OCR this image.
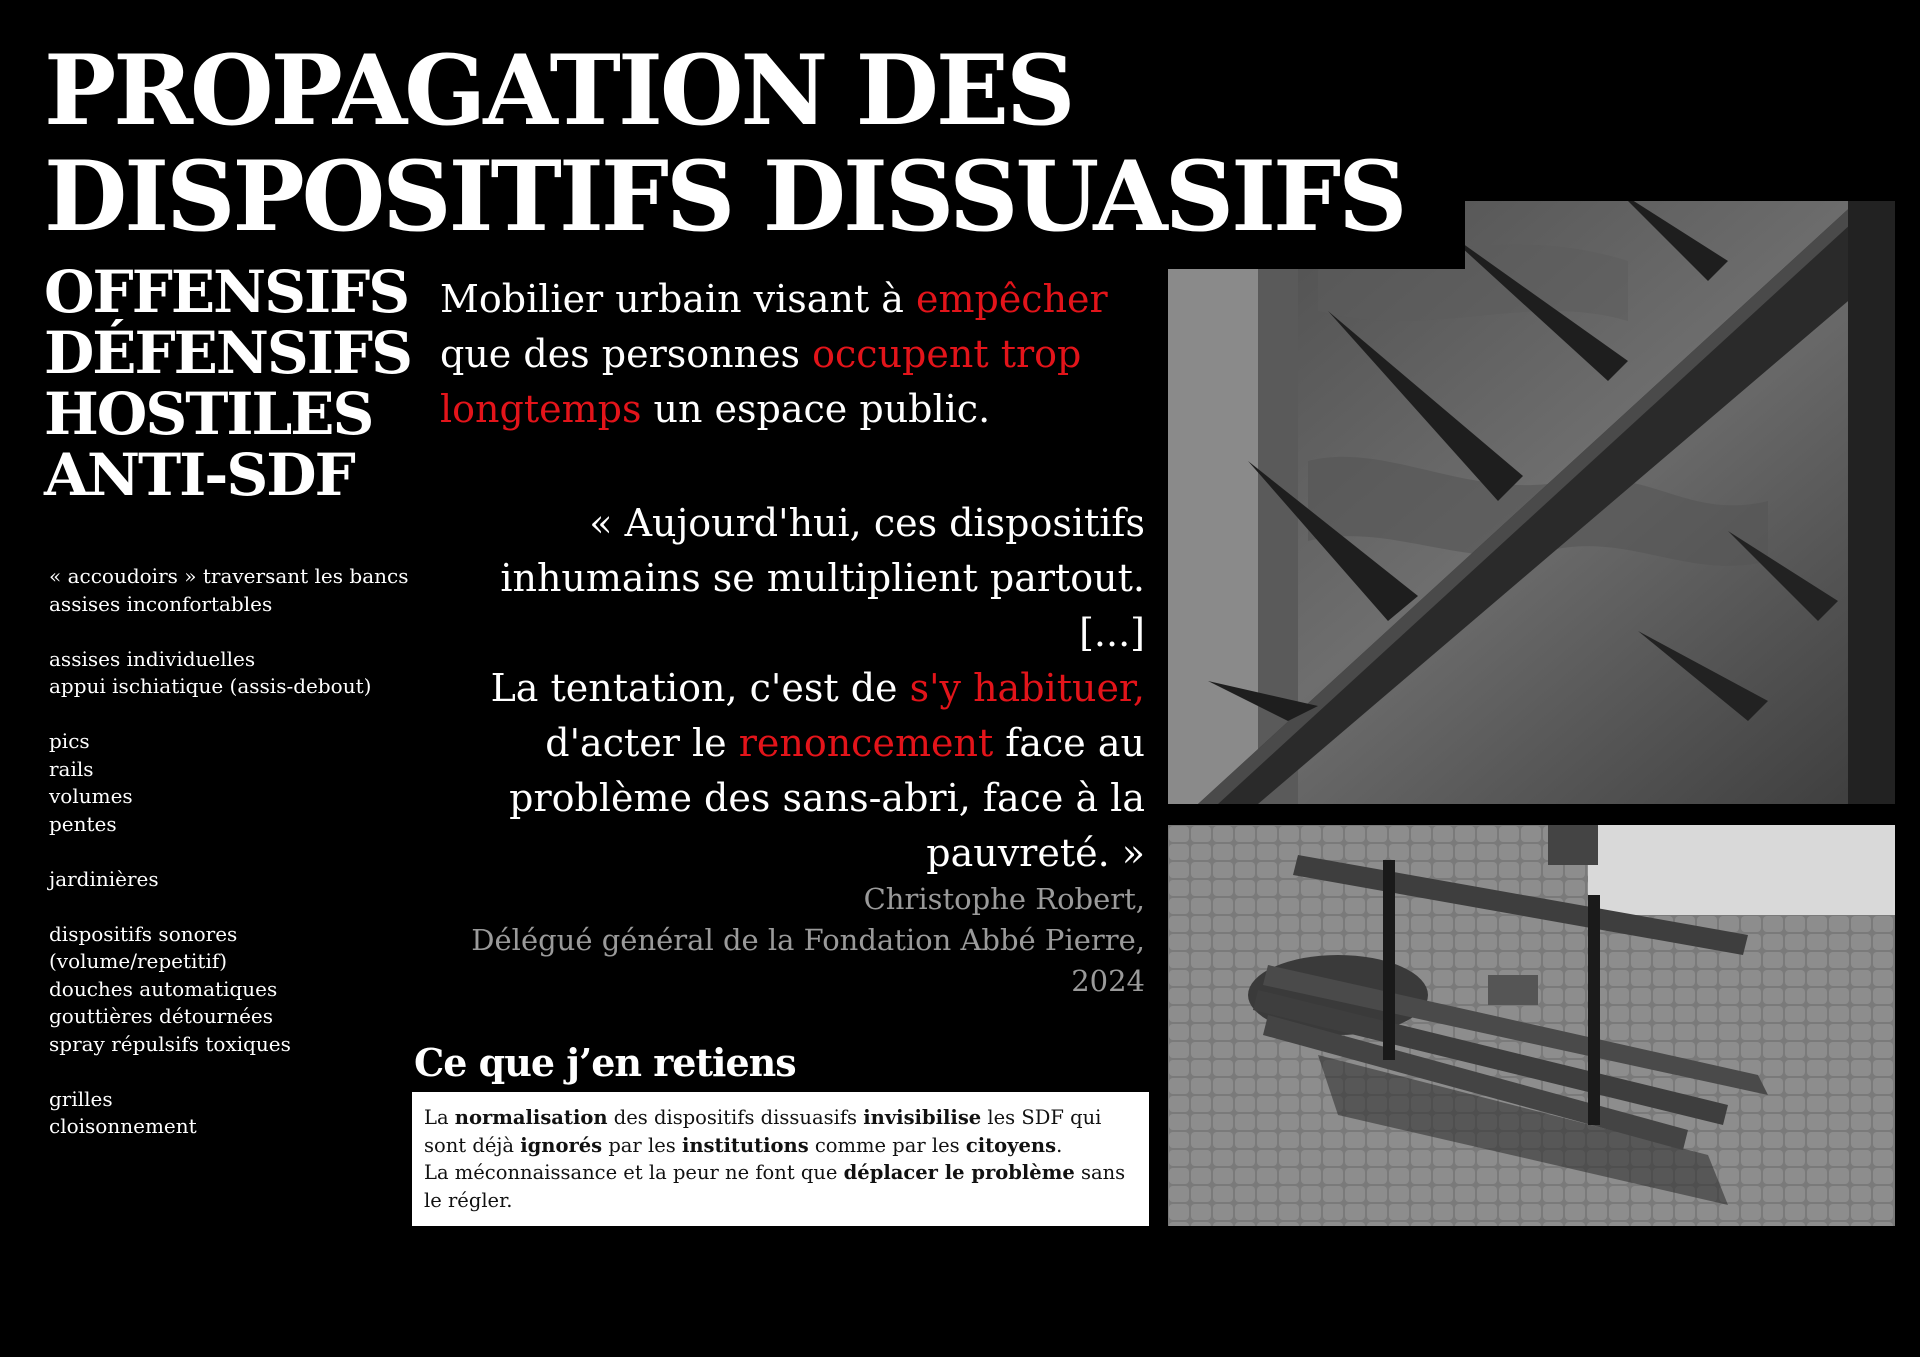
PROPAGATION DES
DISPOSITIFS DISSUASIFS
OFFENSIFS
DÉFENSIFS
HOSTILES
ANTI-SDF
« accoudoirs » traversant les bancs
assises inconfortables
assises individuelles
appui ischiatique (assis-debout)
pics
rails
volumes
pentes
jardinières
dispositifs sonores
(volume/repetitif)
douches automatiques
gouttières détournées
spray répulsifs toxiques
grilles
cloisonnement
Mobilier urbain visant à empêcher
que des personnes occupent trop longtemps un espace public.
« Aujourd'hui, ces dispositifs
inhumains se multiplient partout.
[...]
La tentation, c'est de s'y habituer,
d'acter le renoncement face au
problème des sans-abri, face à la
pauvreté. »
Christophe Robert,
Délégué général de la Fondation Abbé Pierre,
2024
Ce que j’en retiens
La normalisation des dispositifs dissuasifs invisibilise les SDF qui sont déjà ignorés par les institutions comme par les citoyens.
La méconnaissance et la peur ne font que déplacer le problème sans le régler.
